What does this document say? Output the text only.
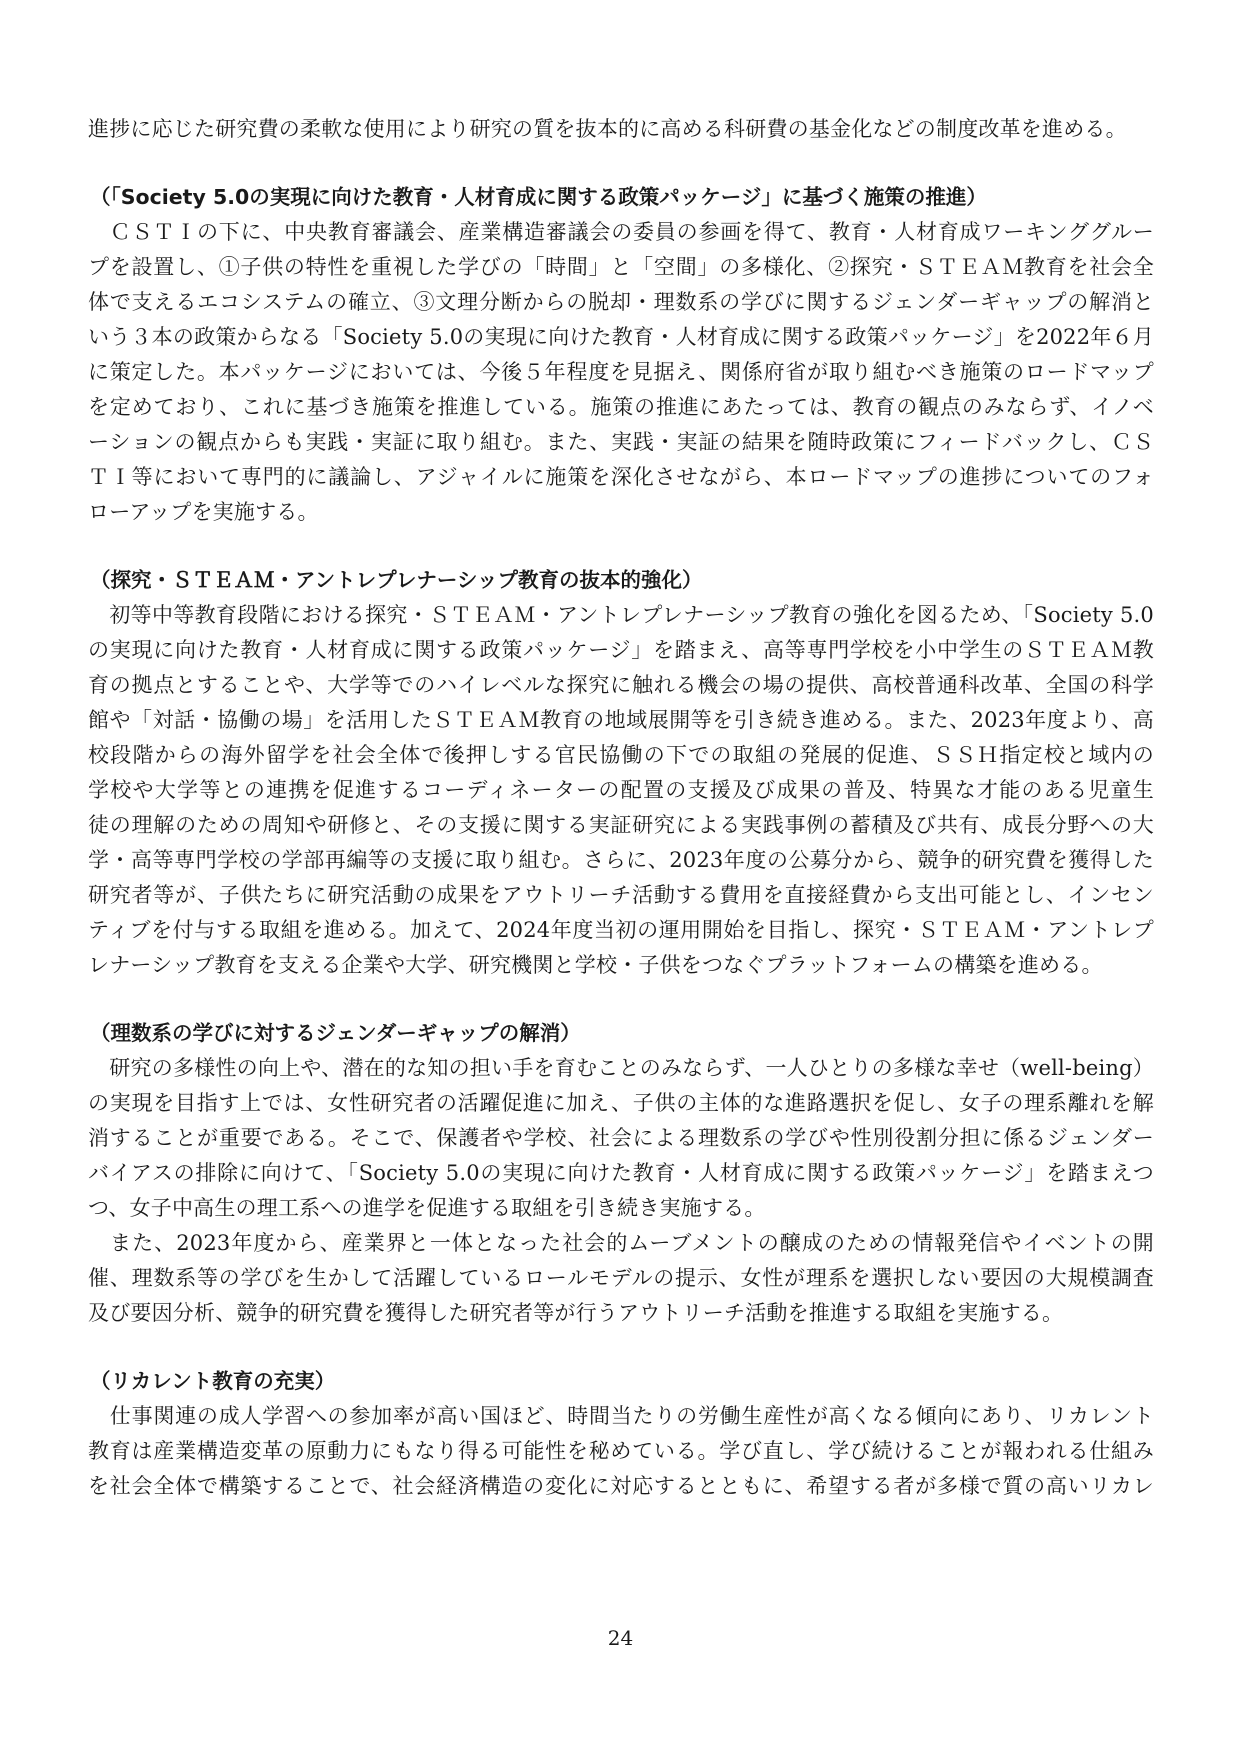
進捗に応じた研究費の柔軟な使用により研究の質を抜本的に高める科研費の基金化などの制度改革を進める。
（「Society 5.0の実現に向けた教育・人材育成に関する政策パッケージ」に基づく施策の推進）
　ＣＳＴＩの下に、中央教育審議会、産業構造審議会の委員の参画を得て、教育・人材育成ワーキンググルー
プを設置し、①子供の特性を重視した学びの「時間」と「空間」の多様化、②探究・ＳＴＥＡＭ教育を社会全
体で支えるエコシステムの確立、③文理分断からの脱却・理数系の学びに関するジェンダーギャップの解消と
いう３本の政策からなる「Society 5.0の実現に向けた教育・人材育成に関する政策パッケージ」を2022年６月
に策定した。本パッケージにおいては、今後５年程度を見据え、関係府省が取り組むべき施策のロードマップ
を定めており、これに基づき施策を推進している。施策の推進にあたっては、教育の観点のみならず、イノベ
ーションの観点からも実践・実証に取り組む。また、実践・実証の結果を随時政策にフィードバックし、ＣＳ
ＴＩ等において専門的に議論し、アジャイルに施策を深化させながら、本ロードマップの進捗についてのフォ
ローアップを実施する。
（探究・ＳＴＥＡＭ・アントレプレナーシップ教育の抜本的強化）
　初等中等教育段階における探究・ＳＴＥＡＭ・アントレプレナーシップ教育の強化を図るため、「Society 5.0
の実現に向けた教育・人材育成に関する政策パッケージ」を踏まえ、高等専門学校を小中学生のＳＴＥＡＭ教
育の拠点とすることや、大学等でのハイレベルな探究に触れる機会の場の提供、高校普通科改革、全国の科学
館や「対話・協働の場」を活用したＳＴＥＡＭ教育の地域展開等を引き続き進める。また、2023年度より、高
校段階からの海外留学を社会全体で後押しする官民協働の下での取組の発展的促進、ＳＳＨ指定校と域内の
学校や大学等との連携を促進するコーディネーターの配置の支援及び成果の普及、特異な才能のある児童生
徒の理解のための周知や研修と、その支援に関する実証研究による実践事例の蓄積及び共有、成長分野への大
学・高等専門学校の学部再編等の支援に取り組む。さらに、2023年度の公募分から、競争的研究費を獲得した
研究者等が、子供たちに研究活動の成果をアウトリーチ活動する費用を直接経費から支出可能とし、インセン
ティブを付与する取組を進める。加えて、2024年度当初の運用開始を目指し、探究・ＳＴＥＡＭ・アントレプ
レナーシップ教育を支える企業や大学、研究機関と学校・子供をつなぐプラットフォームの構築を進める。
（理数系の学びに対するジェンダーギャップの解消）
　研究の多様性の向上や、潜在的な知の担い手を育むことのみならず、一人ひとりの多様な幸せ（well-being）
の実現を目指す上では、女性研究者の活躍促進に加え、子供の主体的な進路選択を促し、女子の理系離れを解
消することが重要である。そこで、保護者や学校、社会による理数系の学びや性別役割分担に係るジェンダー
バイアスの排除に向けて、「Society 5.0の実現に向けた教育・人材育成に関する政策パッケージ」を踏まえつ
つ、女子中高生の理工系への進学を促進する取組を引き続き実施する。
　また、2023年度から、産業界と一体となった社会的ムーブメントの醸成のための情報発信やイベントの開
催、理数系等の学びを生かして活躍しているロールモデルの提示、女性が理系を選択しない要因の大規模調査
及び要因分析、競争的研究費を獲得した研究者等が行うアウトリーチ活動を推進する取組を実施する。
（リカレント教育の充実）
　仕事関連の成人学習への参加率が高い国ほど、時間当たりの労働生産性が高くなる傾向にあり、リカレント
教育は産業構造変革の原動力にもなり得る可能性を秘めている。学び直し、学び続けることが報われる仕組み
を社会全体で構築することで、社会経済構造の変化に対応するとともに、希望する者が多様で質の高いリカレ
24
